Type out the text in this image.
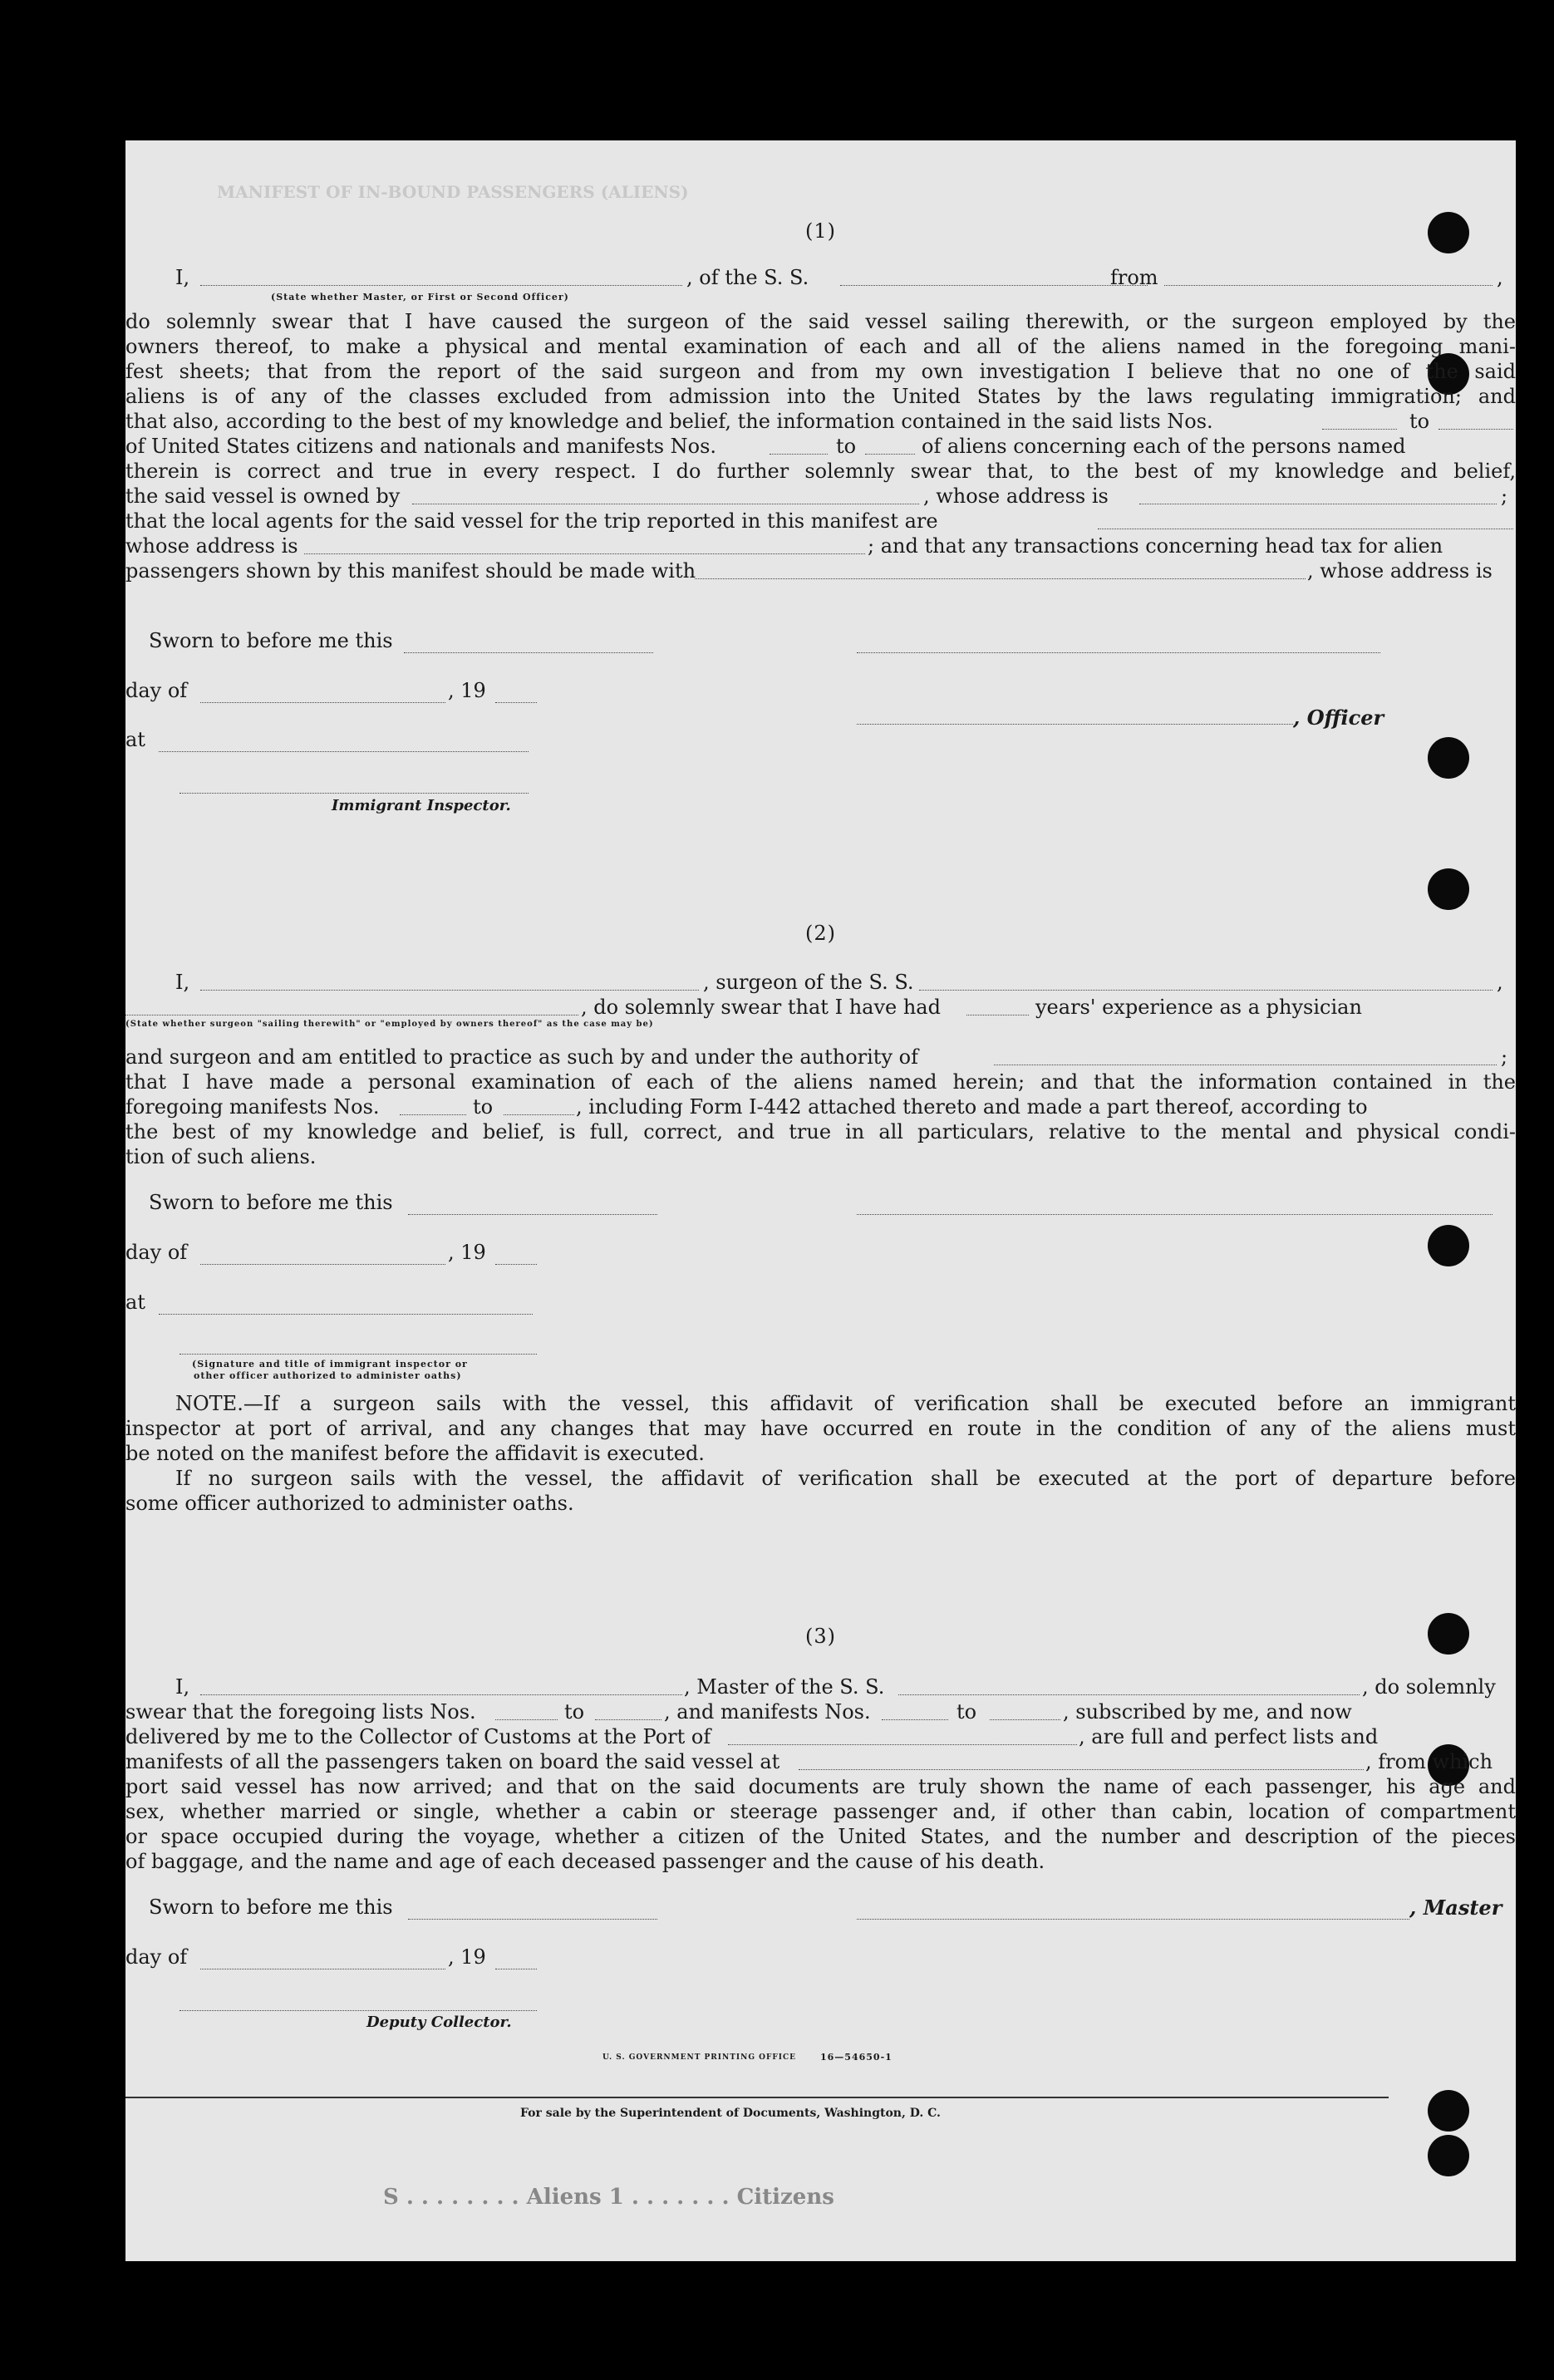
(1)
I,	, of the S. S.	from	,
(State whether Master, or First or Second Officer)
do solemnly swear that I have caused the surgeon of the said vessel sailing therewith, or the surgeon employed by the
owners thereof, to make a physical and mental examination of each and all of the aliens named in the foregoing mani-
fest sheets; that from the report of the said surgeon and from my own investigation I believe that no one of the said
aliens is of any of the classes excluded from admission into the United States by the laws regulating immigration; and
that also, according to the best of my knowledge and belief, the information contained in the said lists Nos.	to
of United States citizens and nationals and manifests Nos.	to	of aliens concerning each of the persons named
therein is correct and true in every respect. I do further solemnly swear that, to the best of my knowledge and belief,
the said vessel is owned by	, whose address is	;
that the local agents for the said vessel for the trip reported in this manifest are
whose address is	; and that any transactions concerning head tax for alien
passengers shown by this manifest should be made with	, whose address is
Sworn to before me this
day of	, 19
, Officer
at
Immigrant Inspector.
MANIFEST OF IN-BOUND PASSENGERS (ALIENS)
(2)
I,	, surgeon of the S. S.	,
, do solemnly swear that I have had	years' experience as a physician
(State whether surgeon "sailing therewith" or "employed by owners thereof" as the case may be)
and surgeon and am entitled to practice as such by and under the authority of	;
that I have made a personal examination of each of the aliens named herein; and that the information contained in the
foregoing manifests Nos.	to	, including Form I-442 attached thereto and made a part thereof, according to
the best of my knowledge and belief, is full, correct, and true in all particulars, relative to the mental and physical condi-
tion of such aliens.
Sworn to before me this
day of	, 19
at
(Signature and title of immigrant inspector or
other officer authorized to administer oaths)
NOTE.—If a surgeon sails with the vessel, this affidavit of verification shall be executed before an immigrant
inspector at port of arrival, and any changes that may have occurred en route in the condition of any of the aliens must
be noted on the manifest before the affidavit is executed.
If no surgeon sails with the vessel, the affidavit of verification shall be executed at the port of departure before
some officer authorized to administer oaths.
(3)
I,	, Master of the S. S.	, do solemnly
swear that the foregoing lists Nos.	to	, and manifests Nos.	to	, subscribed by me, and now
delivered by me to the Collector of Customs at the Port of	, are full and perfect lists and
manifests of all the passengers taken on board the said vessel at	, from which
port said vessel has now arrived; and that on the said documents are truly shown the name of each passenger, his age and
sex, whether married or single, whether a cabin or steerage passenger and, if other than cabin, location of compartment
or space occupied during the voyage, whether a citizen of the United States, and the number and description of the pieces
of baggage, and the name and age of each deceased passenger and the cause of his death.
Sworn to before me this	, Master
day of	, 19
Deputy Collector.
U. S. GOVERNMENT PRINTING OFFICE	16—54650-1
For sale by the Superintendent of Documents, Washington, D. C.
S . . . . . . . . Aliens 1 . . . . . . . Citizens
